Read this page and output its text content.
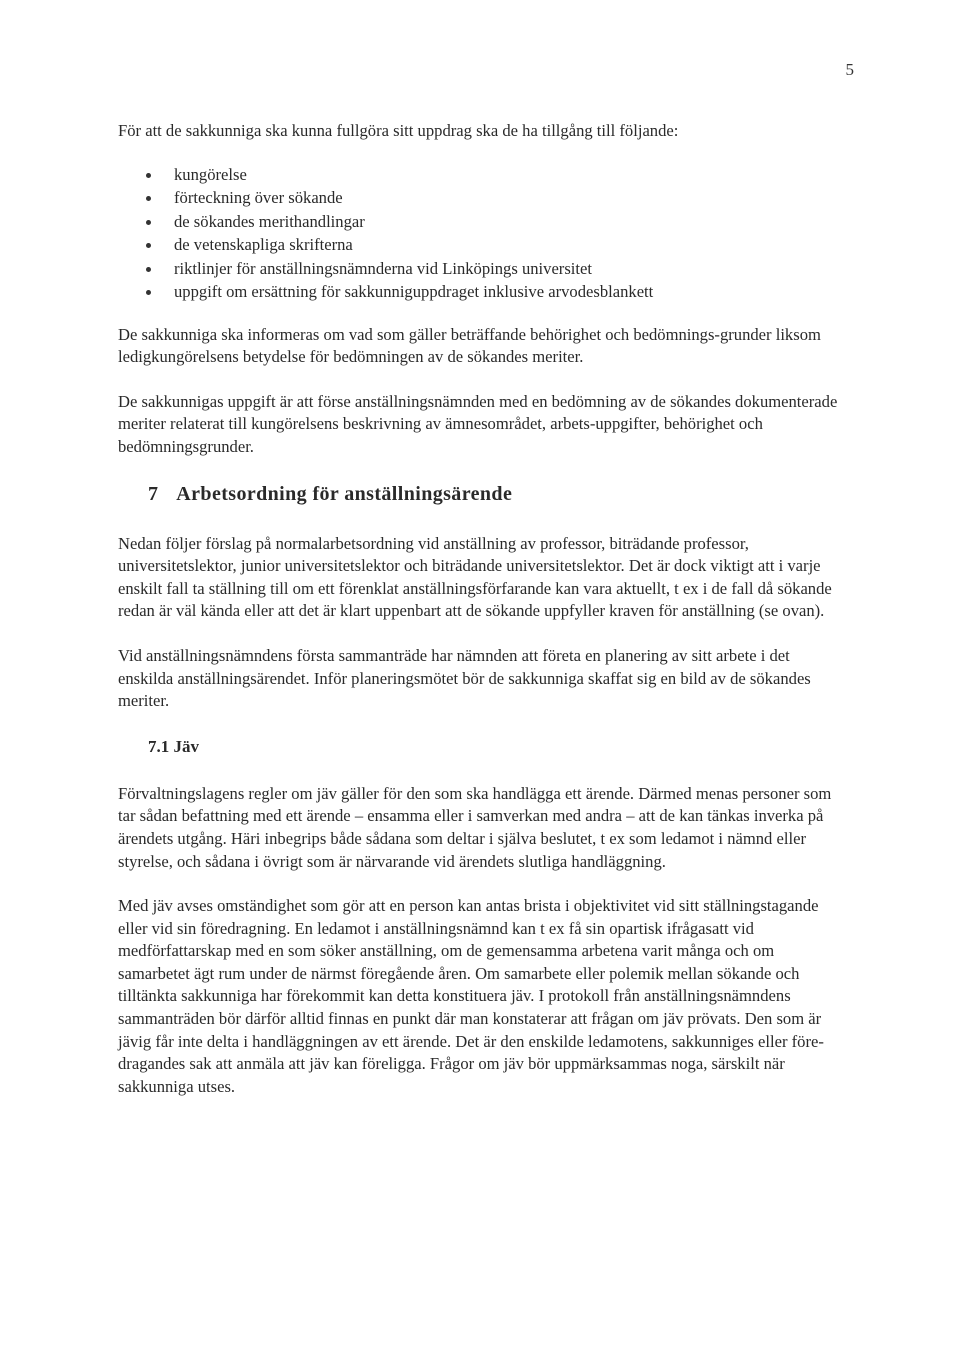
5

För att de sakkunniga ska kunna fullgöra sitt uppdrag ska de ha tillgång till följande:

kungörelse
förteckning över sökande
de sökandes merithandlingar
de vetenskapliga skrifterna
riktlinjer för anställningsnämnderna vid Linköpings universitet
uppgift om ersättning för sakkunniguppdraget inklusive arvodesblankett

De sakkunniga ska informeras om vad som gäller beträffande behörighet och bedömnings-grunder liksom ledigkungörelsens betydelse för bedömningen av de sökandes meriter.

De sakkunnigas uppgift är att förse anställningsnämnden med en bedömning av de sökandes dokumenterade meriter relaterat till kungörelsens beskrivning av ämnesområdet, arbets-uppgifter, behörighet och bedömningsgrunder.

7 Arbetsordning för anställningsärende

Nedan följer förslag på normalarbetsordning vid anställning av professor, biträdande professor, universitetslektor, junior universitetslektor och biträdande universitetslektor. Det är dock viktigt att i varje enskilt fall ta ställning till om ett förenklat anställningsförfarande kan vara aktuellt, t ex i de fall då sökande redan är väl kända eller att det är klart uppenbart att de sökande uppfyller kraven för anställning (se ovan).

Vid anställningsnämndens första sammanträde har nämnden att företa en planering av sitt arbete i det enskilda anställningsärendet. Inför planeringsmötet bör de sakkunniga skaffat sig en bild av de sökandes meriter.

7.1 Jäv

Förvaltningslagens regler om jäv gäller för den som ska handlägga ett ärende. Därmed menas personer som tar sådan befattning med ett ärende – ensamma eller i samverkan med andra – att de kan tänkas inverka på ärendets utgång. Häri inbegrips både sådana som deltar i själva beslutet, t ex som ledamot i nämnd eller styrelse, och sådana i övrigt som är närvarande vid ärendets slutliga handläggning.

Med jäv avses omständighet som gör att en person kan antas brista i objektivitet vid sitt ställningstagande eller vid sin föredragning. En ledamot i anställningsnämnd kan t ex få sin opartisk ifrågasatt vid medförfattarskap med en som söker anställning, om de gemensamma arbetena varit många och om samarbetet ägt rum under de närmst föregående åren. Om samarbete eller polemik mellan sökande och tilltänkta sakkunniga har förekommit kan detta konstituera jäv. I protokoll från anställningsnämndens sammanträden bör därför alltid finnas en punkt där man konstaterar att frågan om jäv prövats. Den som är jävig får inte delta i handläggningen av ett ärende. Det är den enskilde ledamotens, sakkunniges eller före-dragandes sak att anmäla att jäv kan föreligga. Frågor om jäv bör uppmärksammas noga, särskilt när sakkunniga utses.
